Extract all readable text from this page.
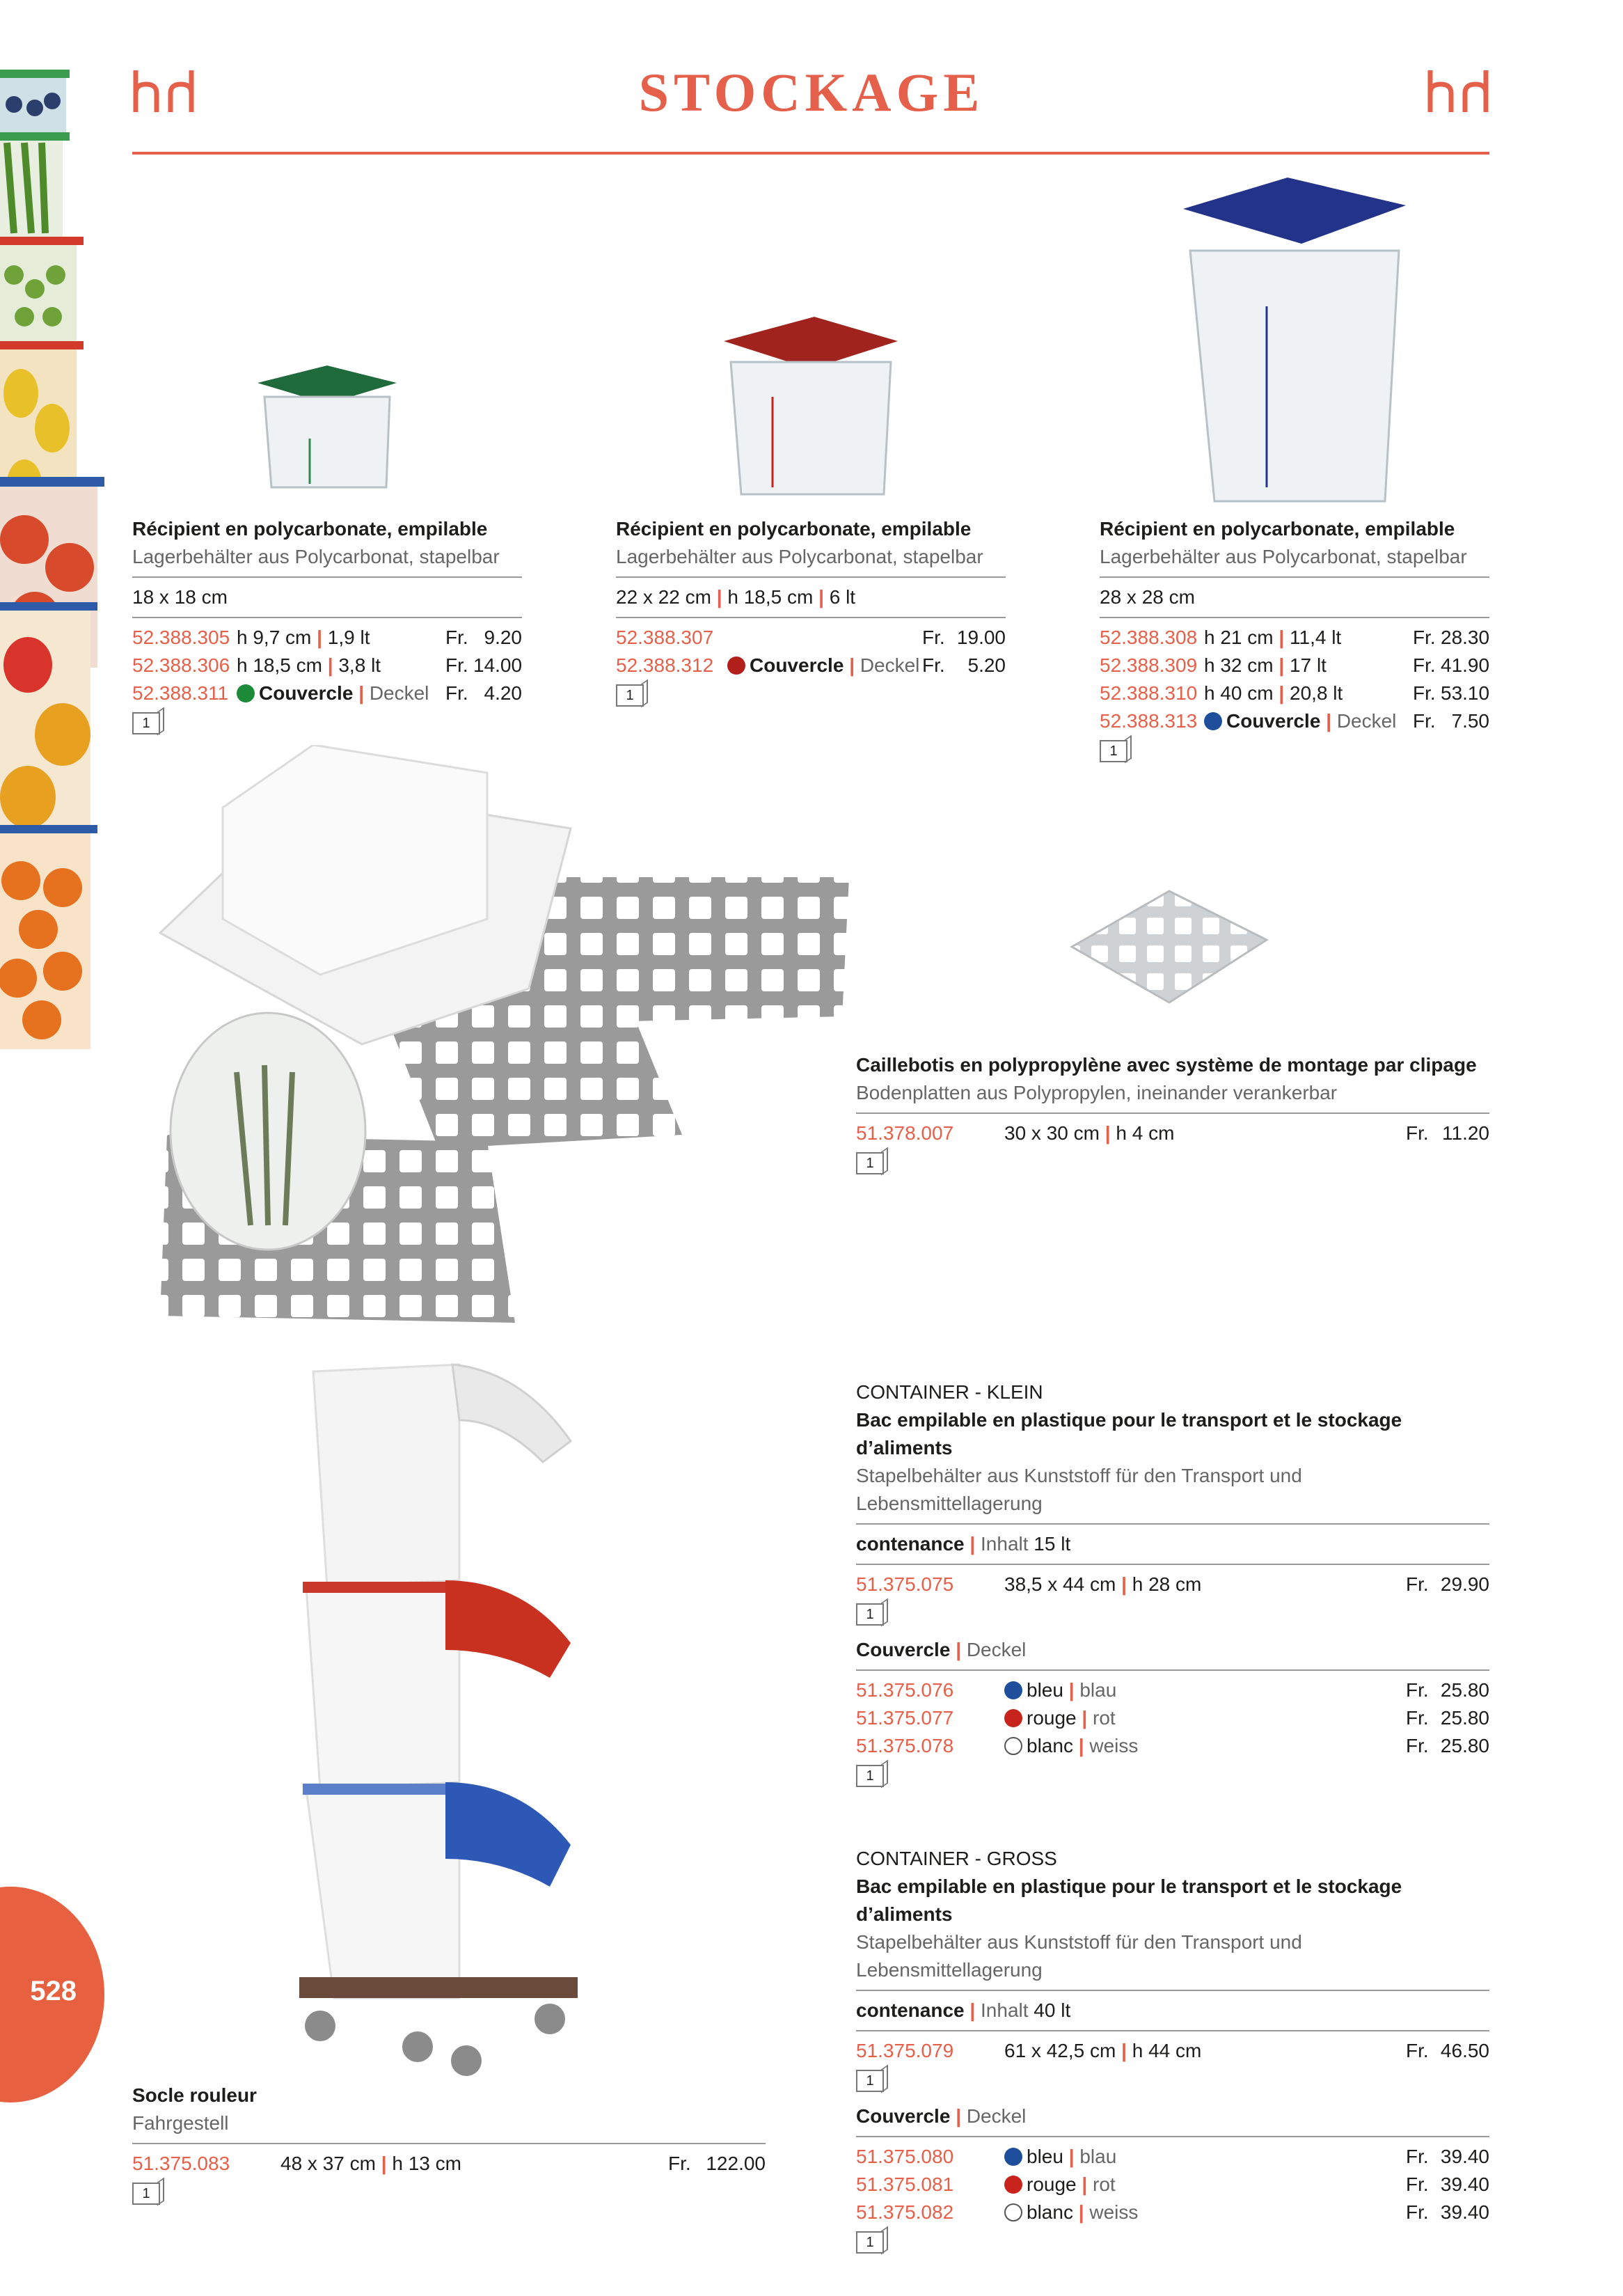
STOCKAGE
Récipient en polycarbonate, empilable
Lagerbehälter aus Polycarbonat, stapelbar
18 x 18 cm
52.388.305 h 9,7 cm | 1,9 lt	Fr. 9.20
52.388.306 h 18,5 cm | 3,8 lt	Fr. 14.00
52.388.311	Couvercle | Deckel Fr. 4.20
1
Récipient en polycarbonate, empilable
Lagerbehälter aus Polycarbonat, stapelbar
22 x 22 cm | h 18,5 cm | 6 lt
52.388.307	Fr. 19.00
52.388.312	Couvercle | Deckel Fr. 5.20
1
Récipient en polycarbonate, empilable
Lagerbehälter aus Polycarbonat, stapelbar
28 x 28 cm
52.388.308 h 21 cm | 11,4 lt	Fr. 28.30
52.388.309 h 32 cm | 17 lt	Fr. 41.90
52.388.310 h 40 cm | 20,8 lt	Fr. 53.10
52.388.313	Couvercle | Deckel Fr. 7.50
1
Caillebotis en polypropylène avec système de montage par clipage
Bodenplatten aus Polypropylen, ineinander verankerbar
51.378.007	30 x 30 cm | h 4 cm	Fr. 11.20
1
CONTAINER - KLEIN
Bac empilable en plastique pour le transport et le stockage d’aliments
Stapelbehälter aus Kunststoff für den Transport und Lebensmittellagerung
contenance | Inhalt 15 lt
51.375.075	38,5 x 44 cm | h 28 cm	Fr. 29.90
1
Couvercle | Deckel
51.375.076	bleu | blau	Fr. 25.80
51.375.077	rouge | rot	Fr. 25.80
51.375.078	blanc | weiss	Fr. 25.80
1
CONTAINER - GROSS
Bac empilable en plastique pour le transport et le stockage d’aliments
Stapelbehälter aus Kunststoff für den Transport und Lebensmittellagerung
contenance | Inhalt 40 lt
51.375.079	61 x 42,5 cm | h 44 cm	Fr. 46.50
1
Couvercle | Deckel
51.375.080	bleu | blau	Fr. 39.40
51.375.081	rouge | rot	Fr. 39.40
51.375.082	blanc | weiss	Fr. 39.40
1
Socle rouleur
Fahrgestell
51.375.083	48 x 37 cm | h 13 cm	Fr. 122.00
1
528
